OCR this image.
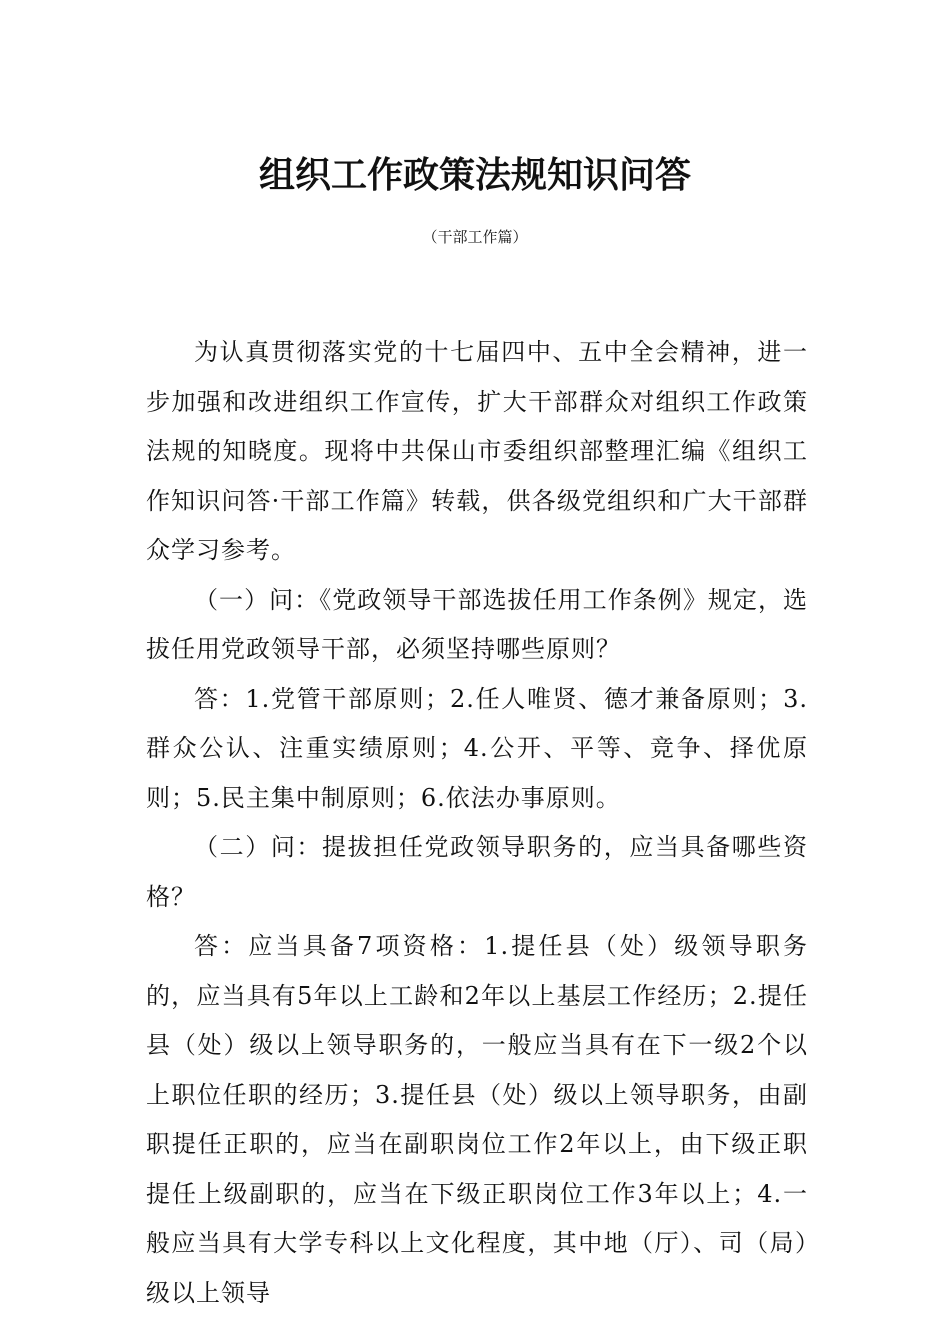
组织工作政策法规知识问答
（干部工作篇）

为认真贯彻落实党的十七届四中、五中全会精神，进一步加强和改进组织工作宣传，扩大干部群众对组织工作政策法规的知晓度。现将中共保山市委组织部整理汇编《组织工作知识问答·干部工作篇》转载，供各级党组织和广大干部群众学习参考。

（一）问：《党政领导干部选拔任用工作条例》规定，选拔任用党政领导干部，必须坚持哪些原则？

答：1.党管干部原则；2.任人唯贤、德才兼备原则；3.群众公认、注重实绩原则；4.公开、平等、竞争、择优原则；5.民主集中制原则；6.依法办事原则。

（二）问：提拔担任党政领导职务的，应当具备哪些资格？

答：应当具备7项资格：1.提任县（处）级领导职务的，应当具有5年以上工龄和2年以上基层工作经历；2.提任县（处）级以上领导职务的，一般应当具有在下一级2个以上职位任职的经历；3.提任县（处）级以上领导职务，由副职提任正职的，应当在副职岗位工作2年以上，由下级正职提任上级副职的，应当在下级正职岗位工作3年以上；4.一般应当具有大学专科以上文化程度，其中地（厅）、司（局）级以上领导
